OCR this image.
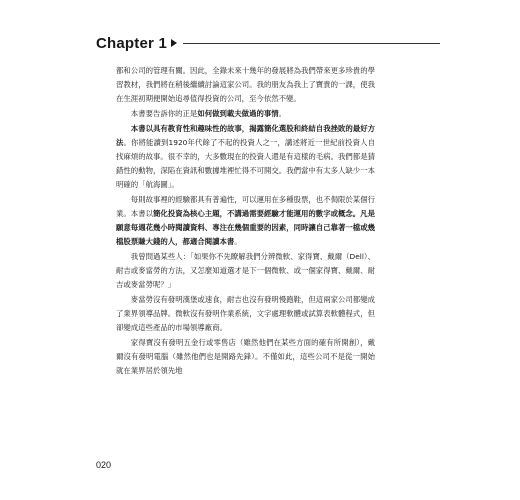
Chapter 1

都和公司的管理有關。因此，全錄未來十幾年的發展將為我們帶來更多珍貴的學習教材，我們將在稍後繼續討論這家公司。我的朋友為我上了寶貴的一課，使我在生涯初期便開始追尋值得投資的公司，至今依然不變。

本書要告訴你的正是如何做到載夫做過的事情。

本書以具有教育性和趣味性的故事，揭露簡化選股和終結自我挫敗的最好方法。你將能讀到1920年代餘了不起的投資人之一，講述將近一世紀前投資人自找麻煩的故事。很不幸的，大多數現在的投資人還是有這樣的毛病。我們都是猜錯性的動物，深陷在資訊和數據堆裡忙得不可開交。我們當中有太多人缺少一本明確的「航海圖」。

每則故事裡的經驗都具有普遍性，可以運用在多種股票，也不侷限於某個行業。本書以簡化投資為核心主題，不講過需要經驗才能運用的數字或概念。凡是願意每週花幾小時閱讀資料、專注在幾個重要的因素，同時讓自己靠著一檔或幾檔股票賺大錢的人，都適合閱讀本書。

我曾問過某些人：「如果你不先瞭解我們分辨微軟、家得寶、戴爾（Dell）、耐吉或麥當勞的方法，又怎麼知道選才是下一個微軟、或一個家得寶、戴爾、耐吉或麥當勞呢？」

麥當勞沒有發明漢堡或速食，耐吉也沒有發明慢跑鞋，但這兩家公司都變成了業界領導品牌。微軟沒有發明作業系統，文字處理軟體或試算表軟體程式，但卻變成這些產品的市場領導廠商。

家得寶沒有發明五金行或零售店（雖然他們在某些方面的確有所開創），戴爾沒有發明電腦（雖然他們也是開路先鋒）。不僅如此，這些公司不是從一開始就在業界居於領先地

020
